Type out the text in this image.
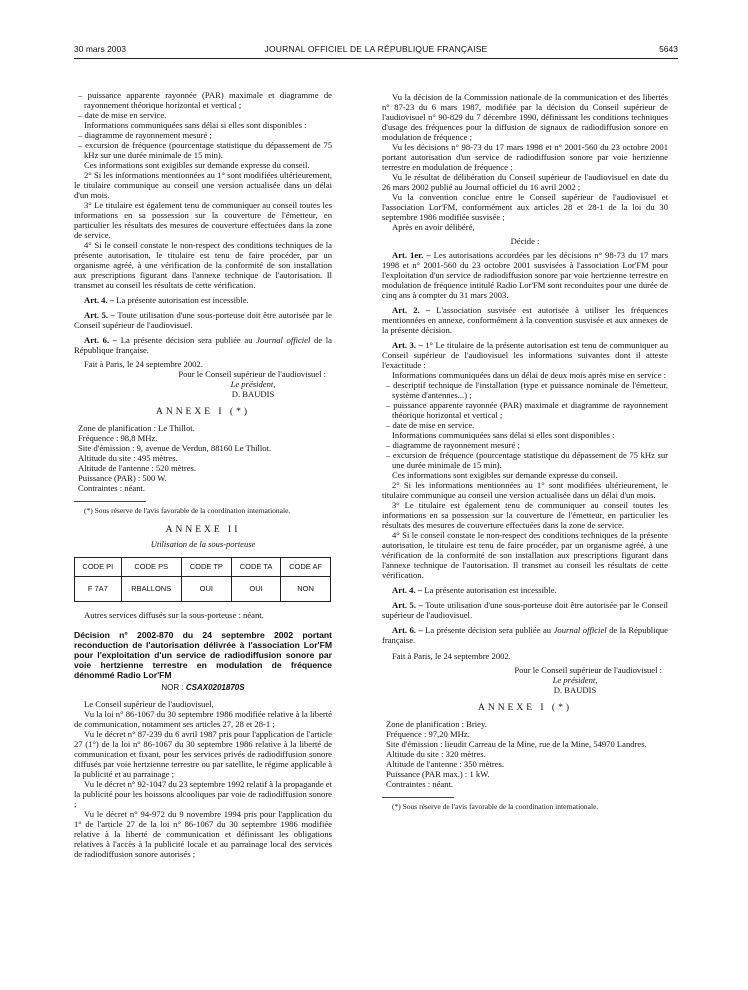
30 mars 2003	JOURNAL OFFICIEL DE LA RÉPUBLIQUE FRANÇAISE	5643

– puissance apparente rayonnée (PAR) maximale et diagramme de rayonnement théorique horizontal et vertical ;

– date de mise en service.

Informations communiquées sans délai si elles sont disponibles :

– diagramme de rayonnement mesuré ;

– excursion de fréquence (pourcentage statistique du dépassement de 75 kHz sur une durée minimale de 15 min).

Ces informations sont exigibles sur demande expresse du conseil.

2° Si les informations mentionnées au 1° sont modifiées ultérieurement, le titulaire communique au conseil une version actualisée dans un délai d'un mois.

3° Le titulaire est également tenu de communiquer au conseil toutes les informations en sa possession sur la couverture de l'émetteur, en particulier les résultats des mesures de couverture effectuées dans la zone de service.

4° Si le conseil constate le non-respect des conditions techniques de la présente autorisation, le titulaire est tenu de faire procéder, par un organisme agréé, à une vérification de la conformité de son installation aux prescriptions figurant dans l'annexe technique de l'autorisation. Il transmet au conseil les résultats de cette vérification.

Art. 4. – La présente autorisation est incessible.

Art. 5. – Toute utilisation d'une sous-porteuse doit être autorisée par le Conseil supérieur de l'audiovisuel.

Art. 6. – La présente décision sera publiée au Journal officiel de la République française.

Fait à Paris, le 24 septembre 2002.

Pour le Conseil supérieur de l'audiovisuel :

Le président,

D. BAUDIS

ANNEXE I (*)

Zone de planification : Le Thillot.

Fréquence : 98,8 MHz.

Site d'émission : 9, avenue de Verdun, 88160 Le Thillot.

Altitude du site : 495 mètres.

Altitude de l'antenne : 520 mètres.

Puissance (PAR) : 500 W.

Contraintes : néant.

(*) Sous réserve de l'avis favorable de la coordination internationale.

ANNEXE II
Utilisation de la sous-porteuse
CODE PI	CODE PS	CODE TP	CODE TA	CODE AF
F 7A7	RBALLONS	OUI	OUI	NON

Autres services diffusés sur la sous-porteuse : néant.

Décision n° 2002-870 du 24 septembre 2002 portant reconduction de l'autorisation délivrée à l'association Lor'FM pour l'exploitation d'un service de radiodiffusion sonore par voie hertzienne terrestre en modulation de fréquence dénommé Radio Lor'FM

NOR : CSAX0201870S

Le Conseil supérieur de l'audiovisuel,

Vu la loi n° 86-1067 du 30 septembre 1986 modifiée relative à la liberté de communication, notamment ses articles 27, 28 et 28-1 ;

Vu le décret n° 87-239 du 6 avril 1987 pris pour l'application de l'article 27 (1°) de la loi n° 86-1067 du 30 septembre 1986 relative à la liberté de communication et fixant, pour les services privés de radiodiffusion sonore diffusés par voie hertzienne terrestre ou par satellite, le régime applicable à la publicité et au parrainage ;

Vu le décret n° 92-1047 du 23 septembre 1992 relatif à la propagande et la publicité pour les boissons alcooliques par voie de radiodiffusion sonore ;

Vu le décret n° 94-972 du 9 novembre 1994 pris pour l'application du 1° de l'article 27 de la loi n° 86-1067 du 30 septembre 1986 modifiée relative à la liberté de communication et définissant les obligations relatives à l'accès à la publicité locale et au parrainage local des services de radiodiffusion sonore autorisés ;

Vu la décision de la Commission nationale de la communication et des libertés n° 87-23 du 6 mars 1987, modifiée par la décision du Conseil supérieur de l'audiovisuel n° 90-829 du 7 décembre 1990, définissant les conditions techniques d'usage des fréquences pour la diffusion de signaux de radiodiffusion sonore en modulation de fréquence ;

Vu les décisions n° 98-73 du 17 mars 1998 et n° 2001-560 du 23 octobre 2001 portant autorisation d'un service de radiodiffusion sonore par voie hertzienne terrestre en modulation de fréquence ;

Vu le résultat de délibération du Conseil supérieur de l'audiovisuel en date du 26 mars 2002 publié au Journal officiel du 16 avril 2002 ;

Vu la convention conclue entre le Conseil supérieur de l'audiovisuel et l'association Lor'FM, conformément aux articles 28 et 28-1 de la loi du 30 septembre 1986 modifiée susvisée ;

Après en avoir délibéré,

Décide :

Art. 1er. – Les autorisations accordées par les décisions n° 98-73 du 17 mars 1998 et n° 2001-560 du 23 octobre 2001 susvisées à l'association Lor'FM pour l'exploitation d'un service de radiodiffusion sonore par voie hertzienne terrestre en modulation de fréquence intitulé Radio Lor'FM sont reconduites pour une durée de cinq ans à compter du 31 mars 2003.

Art. 2. – L'association susvisée est autorisée à utiliser les fréquences mentionnées en annexe, conformément à la convention susvisée et aux annexes de la présente décision.

Art. 3. – 1° Le titulaire de la présente autorisation est tenu de communiquer au Conseil supérieur de l'audiovisuel les informations suivantes dont il atteste l'exactitude :

Informations communiquées dans un délai de deux mois après mise en service :

– descriptif technique de l'installation (type et puissance nominale de l'émetteur, système d'antennes...) ;

– puissance apparente rayonnée (PAR) maximale et diagramme de rayonnement théorique horizontal et vertical ;

– date de mise en service.

Informations communiquées sans délai si elles sont disponibles :

– diagramme de rayonnement mesuré ;

– excursion de fréquence (pourcentage statistique du dépassement de 75 kHz sur une durée minimale de 15 min).

Ces informations sont exigibles sur demande expresse du conseil.

2° Si les informations mentionnées au 1° sont modifiées ultérieurement, le titulaire communique au conseil une version actualisée dans un délai d'un mois.

3° Le titulaire est également tenu de communiquer au conseil toutes les informations en sa possession sur la couverture de l'émetteur, en particulier les résultats des mesures de couverture effectuées dans la zone de service.

4° Si le conseil constate le non-respect des conditions techniques de la présente autorisation, le titulaire est tenu de faire procéder, par un organisme agréé, à une vérification de la conformité de son installation aux prescriptions figurant dans l'annexe technique de l'autorisation. Il transmet au conseil les résultats de cette vérification.

Art. 4. – La présente autorisation est incessible.

Art. 5. – Toute utilisation d'une sous-porteuse doit être autorisée par le Conseil supérieur de l'audiovisuel.

Art. 6. – La présente décision sera publiée au Journal officiel de la République française.

Fait à Paris, le 24 septembre 2002.

Pour le Conseil supérieur de l'audiovisuel :

Le président,

D. BAUDIS

ANNEXE I (*)

Zone de planification : Briey.

Fréquence : 97,20 MHz.

Site d'émission : lieudit Carreau de la Mine, rue de la Mine, 54970 Landres.

Altitude du site : 320 mètres.

Altitude de l'antenne : 350 mètres.

Puissance (PAR max.) : 1 kW.

Contraintes : néant.

(*) Sous réserve de l'avis favorable de la coordination internationale.
